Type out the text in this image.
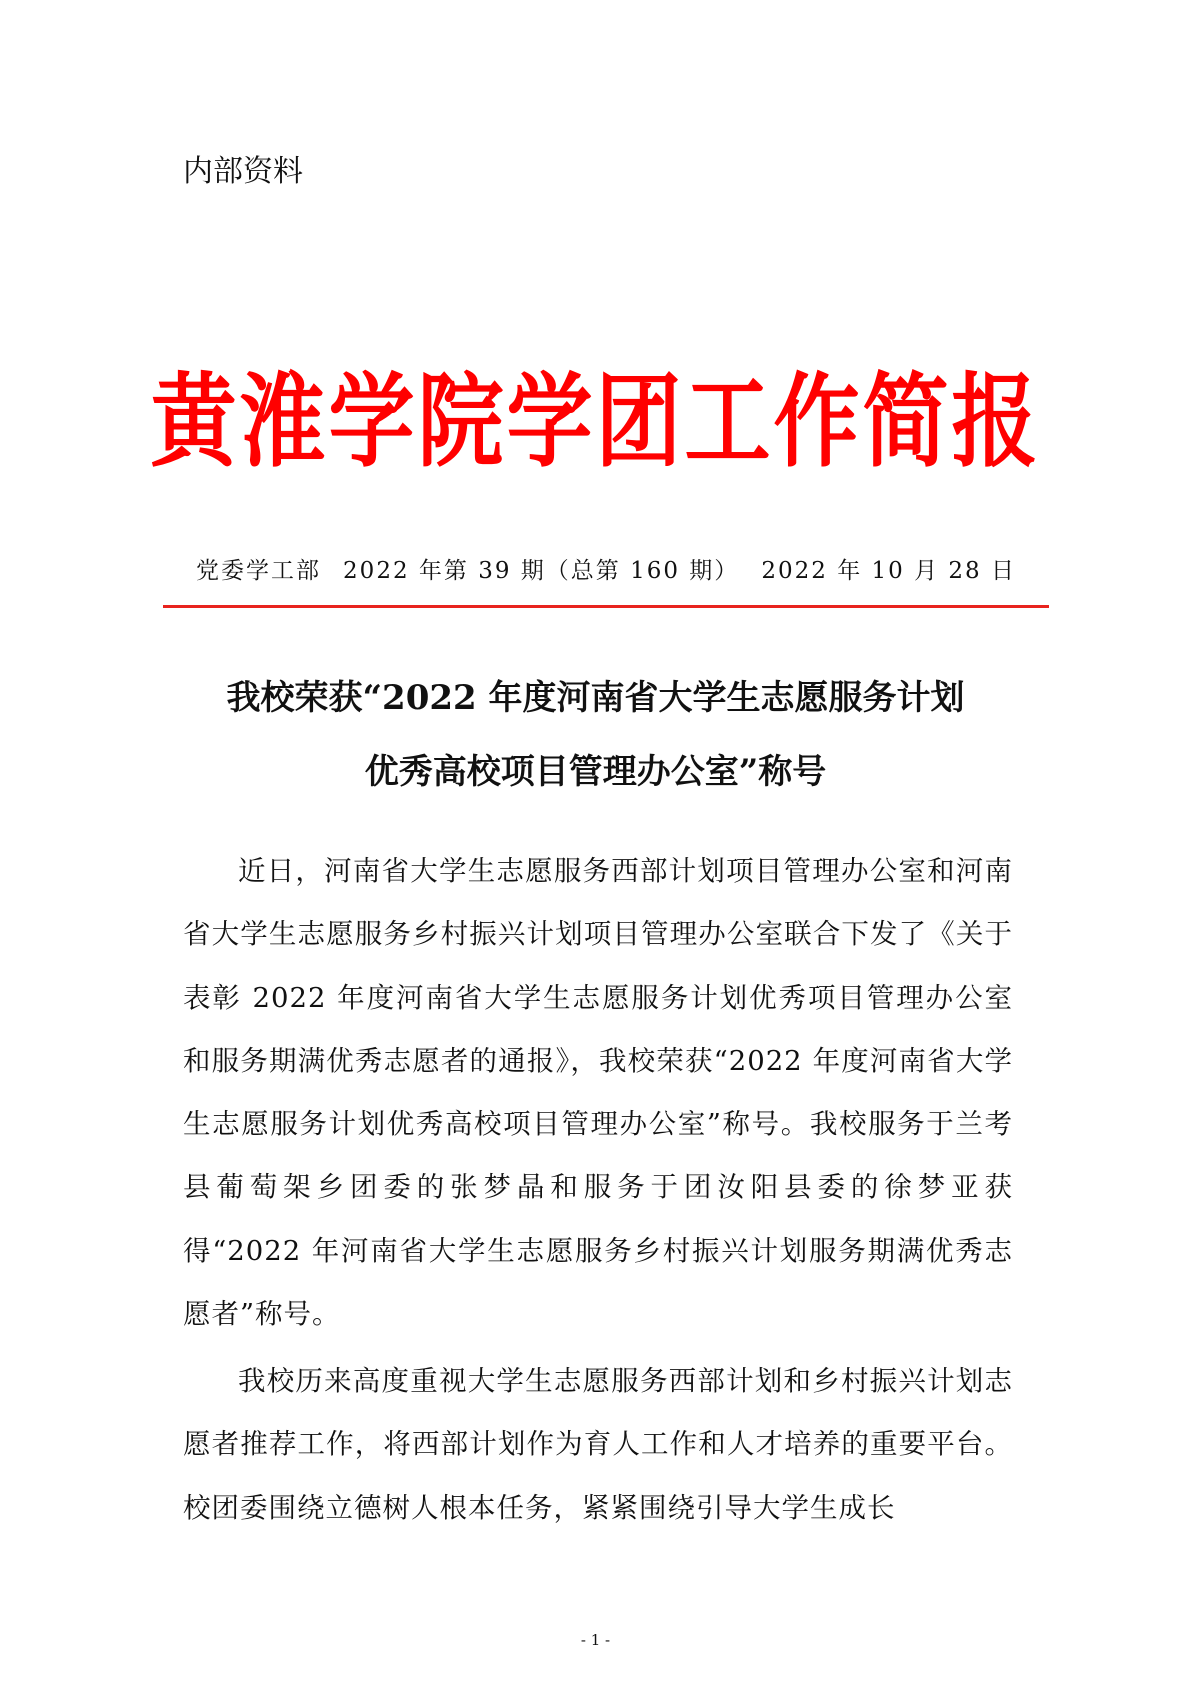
内部资料
黄淮学院学团工作简报
党委学工部 2022 年第 39 期（总第 160 期） 2022 年 10 月 28 日
我校荣获“2022 年度河南省大学生志愿服务计划
优秀高校项目管理办公室”称号

近日，河南省大学生志愿服务西部计划项目管理办公室和河南省大学生志愿服务乡村振兴计划项目管理办公室联合下发了《关于表彰 2022 年度河南省大学生志愿服务计划优秀项目管理办公室和服务期满优秀志愿者的通报》，我校荣获“2022 年度河南省大学生志愿服务计划优秀高校项目管理办公室”称号。我校服务于兰考县葡萄架乡团委的张梦晶和服务于团汝阳县委的徐梦亚获得“2022 年河南省大学生志愿服务乡村振兴计划服务期满优秀志愿者”称号。

我校历来高度重视大学生志愿服务西部计划和乡村振兴计划志愿者推荐工作，将西部计划作为育人工作和人才培养的重要平台。校团委围绕立德树人根本任务，紧紧围绕引导大学生成长

- 1 -
